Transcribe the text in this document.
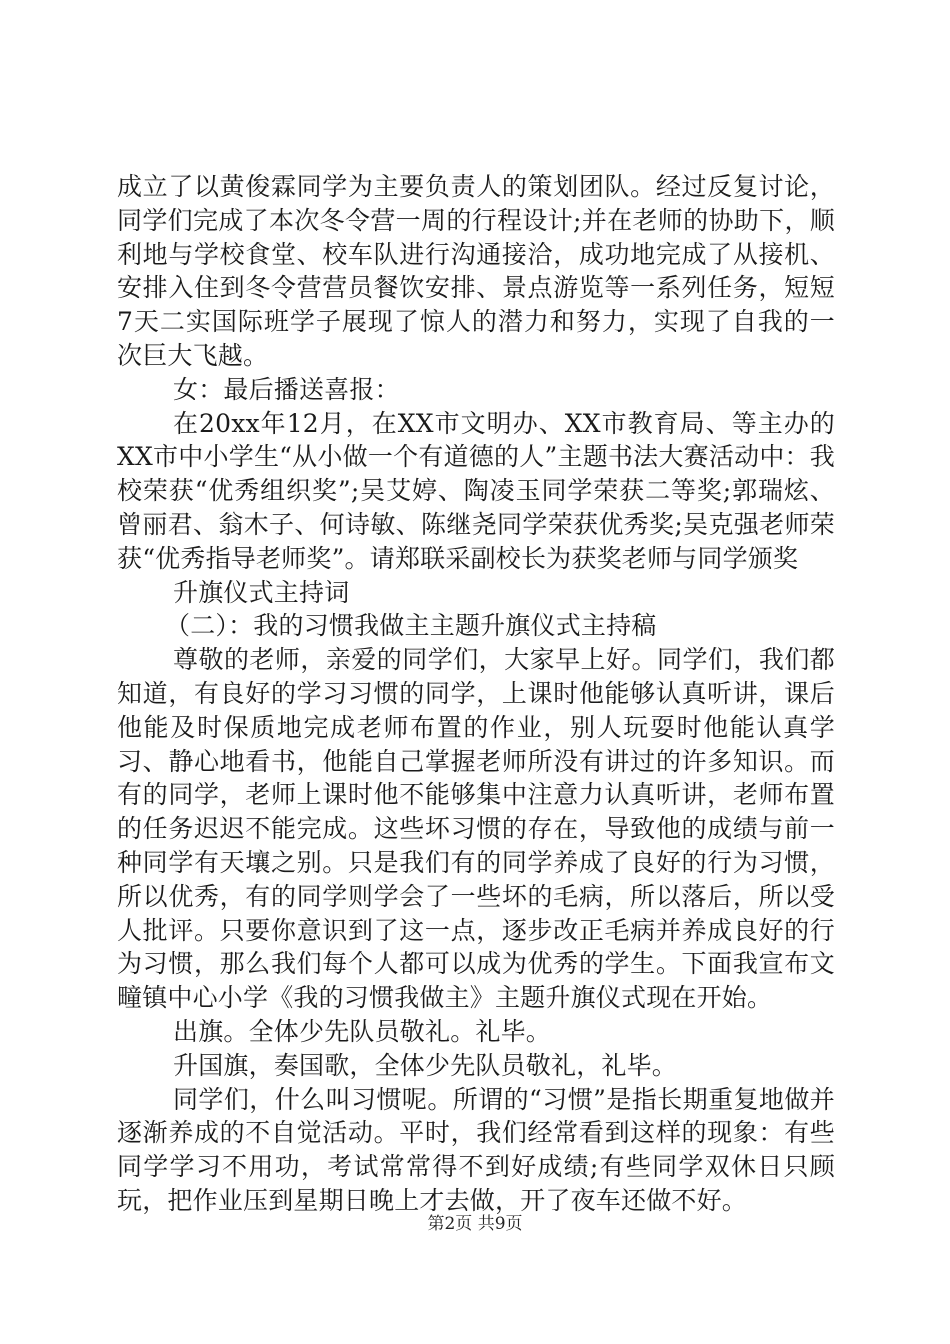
成立了以黄俊霖同学为主要负责人的策划团队。经过反复讨论，同学们完成了本次冬令营一周的行程设计;并在老师的协助下，顺利地与学校食堂、校车队进行沟通接洽，成功地完成了从接机、安排入住到冬令营营员餐饮安排、景点游览等一系列任务，短短7天二实国际班学子展现了惊人的潜力和努力，实现了自我的一次巨大飞越。

女：最后播送喜报：

在20xx年12月，在XX市文明办、XX市教育局、等主办的XX市中小学生“从小做一个有道德的人”主题书法大赛活动中：我校荣获“优秀组织奖”;吴艾婷、陶凌玉同学荣获二等奖;郭瑞炫、曾丽君、翁木子、何诗敏、陈继尧同学荣获优秀奖;吴克强老师荣获“优秀指导老师奖”。请郑联采副校长为获奖老师与同学颁奖

升旗仪式主持词

（二）：我的习惯我做主主题升旗仪式主持稿

尊敬的老师，亲爱的同学们，大家早上好。同学们，我们都知道，有良好的学习习惯的同学，上课时他能够认真听讲，课后他能及时保质地完成老师布置的作业，别人玩耍时他能认真学习、静心地看书，他能自己掌握老师所没有讲过的许多知识。而有的同学，老师上课时他不能够集中注意力认真听讲，老师布置的任务迟迟不能完成。这些坏习惯的存在，导致他的成绩与前一种同学有天壤之别。只是我们有的同学养成了良好的行为习惯，所以优秀，有的同学则学会了一些坏的毛病，所以落后，所以受人批评。只要你意识到了这一点，逐步改正毛病并养成良好的行为习惯，那么我们每个人都可以成为优秀的学生。下面我宣布文疃镇中心小学《我的习惯我做主》主题升旗仪式现在开始。

出旗。全体少先队员敬礼。礼毕。

升国旗，奏国歌，全体少先队员敬礼，礼毕。

同学们，什么叫习惯呢。所谓的“习惯”是指长期重复地做并逐渐养成的不自觉活动。平时，我们经常看到这样的现象：有些同学学习不用功，考试常常得不到好成绩;有些同学双休日只顾玩，把作业压到星期日晚上才去做，开了夜车还做不好。

第2页 共9页
